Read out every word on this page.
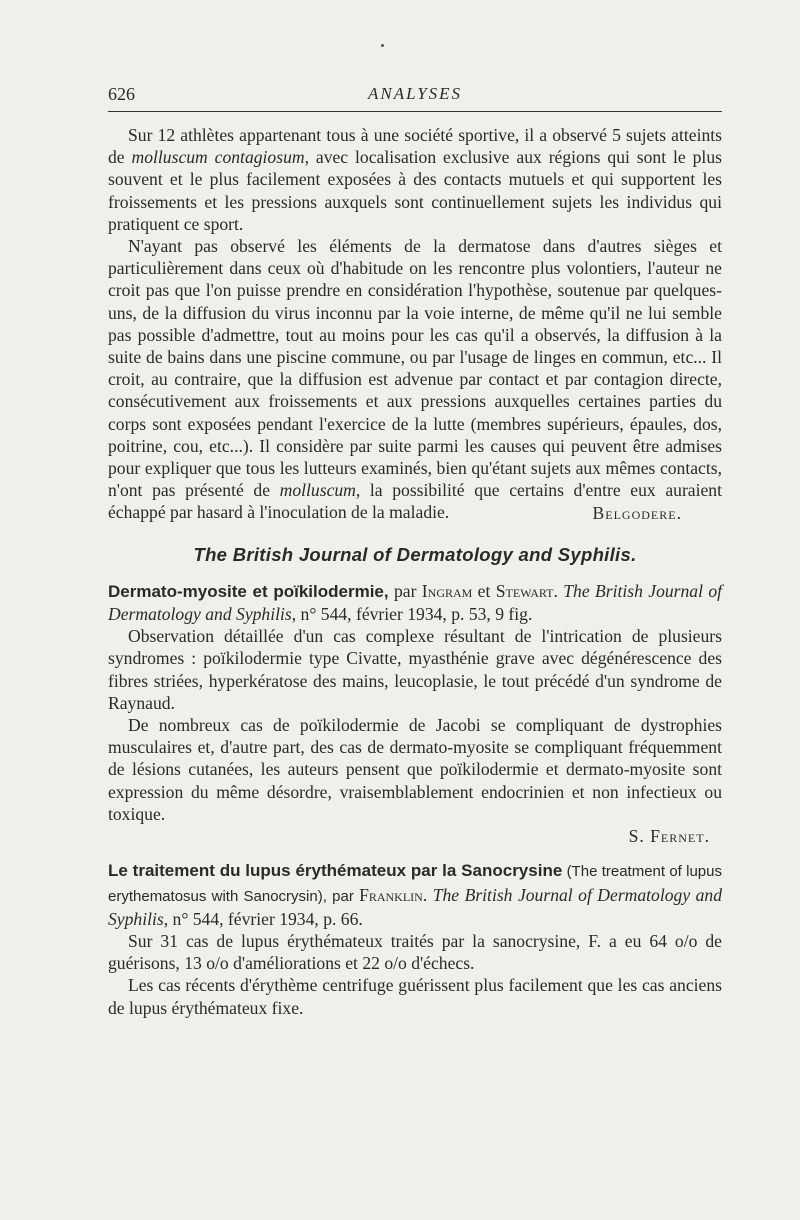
626	ANALYSES

Sur 12 athlètes appartenant tous à une société sportive, il a observé 5 sujets atteints de molluscum contagiosum, avec localisation exclusive aux régions qui sont le plus souvent et le plus facilement exposées à des contacts mutuels et qui supportent les froissements et les pressions auxquels sont continuellement sujets les individus qui pratiquent ce sport.

N'ayant pas observé les éléments de la dermatose dans d'autres sièges et particulièrement dans ceux où d'habitude on les rencontre plus volontiers, l'auteur ne croit pas que l'on puisse prendre en considération l'hypothèse, soutenue par quelques-uns, de la diffusion du virus inconnu par la voie interne, de même qu'il ne lui semble pas possible d'admettre, tout au moins pour les cas qu'il a observés, la diffusion à la suite de bains dans une piscine commune, ou par l'usage de linges en commun, etc... Il croit, au contraire, que la diffusion est advenue par contact et par contagion directe, consécutivement aux froissements et aux pressions auxquelles certaines parties du corps sont exposées pendant l'exercice de la lutte (membres supérieurs, épaules, dos, poitrine, cou, etc...). Il considère par suite parmi les causes qui peuvent être admises pour expliquer que tous les lutteurs examinés, bien qu'étant sujets aux mêmes contacts, n'ont pas présenté de molluscum, la possibilité que certains d'entre eux auraient échappé par hasard à l'inoculation de la maladie.	Belgodere.

The British Journal of Dermatology and Syphilis.

Dermato-myosite et poïkilodermie, par Ingram et Stewart. The British Journal of Dermatology and Syphilis, n° 544, février 1934, p. 53, 9 fig.

Observation détaillée d'un cas complexe résultant de l'intrication de plusieurs syndromes : poïkilodermie type Civatte, myasthénie grave avec dégénérescence des fibres striées, hyperkératose des mains, leucoplasie, le tout précédé d'un syndrome de Raynaud.

De nombreux cas de poïkilodermie de Jacobi se compliquant de dystrophies musculaires et, d'autre part, des cas de dermato-myosite se compliquant fréquemment de lésions cutanées, les auteurs pensent que poïkilodermie et dermato-myosite sont expression du même désordre, vraisemblablement endocrinien et non infectieux ou toxique.

S. Fernet.

Le traitement du lupus érythémateux par la Sanocrysine (The treatment of lupus erythematosus with Sanocrysin), par Franklin. The British Journal of Dermatology and Syphilis, n° 544, février 1934, p. 66.

Sur 31 cas de lupus érythémateux traités par la sanocrysine, F. a eu 64 o/o de guérisons, 13 o/o d'améliorations et 22 o/o d'échecs.

Les cas récents d'érythème centrifuge guérissent plus facilement que les cas anciens de lupus érythémateux fixe.
